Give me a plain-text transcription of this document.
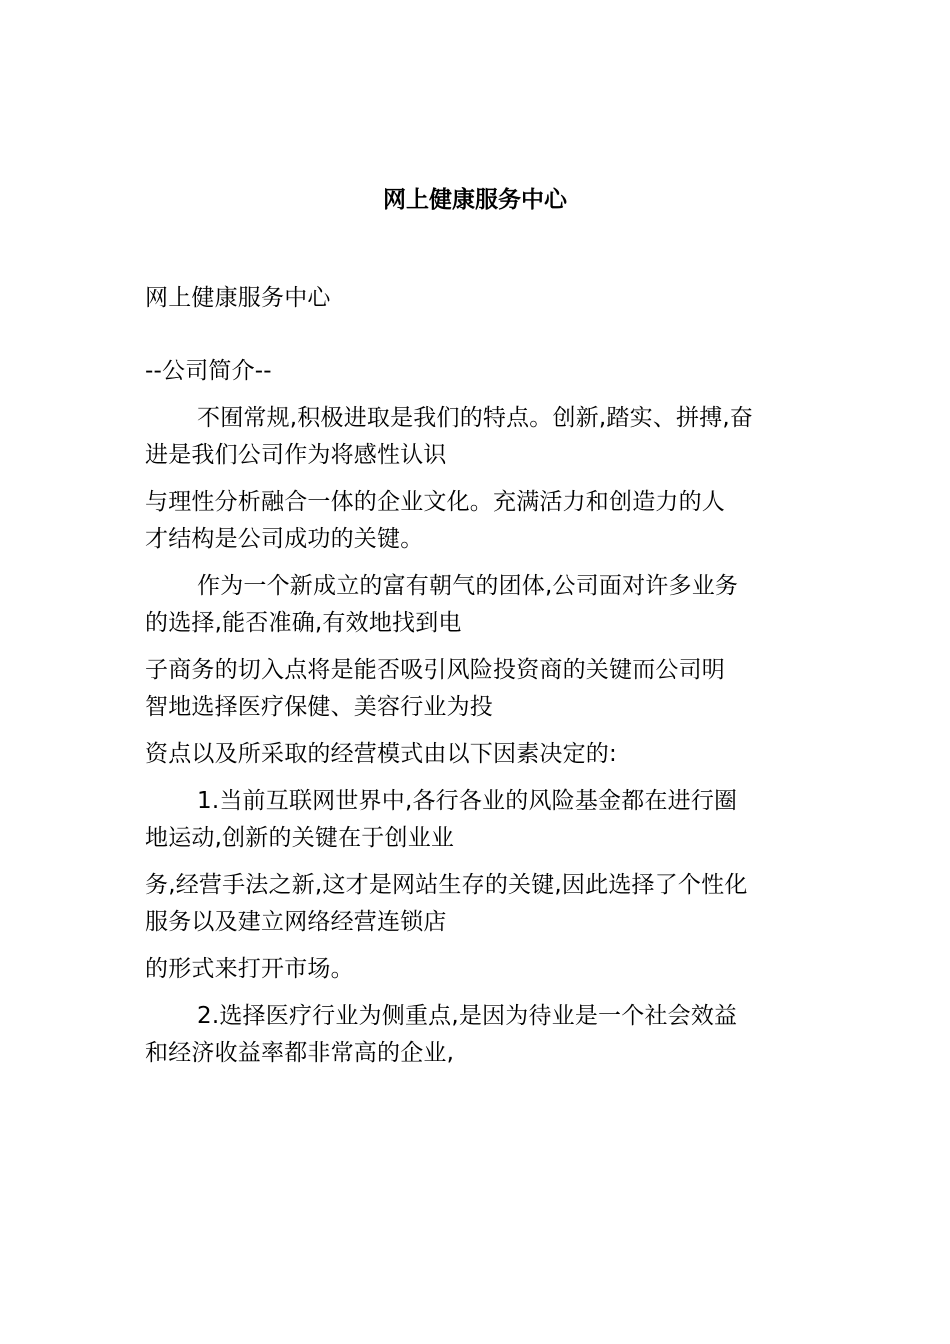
网上健康服务中心

网上健康服务中心

--公司简介--

不囿常规,积极进取是我们的特点。创新,踏实、拼搏,奋
进是我们公司作为将感性认识

与理性分析融合一体的企业文化。充满活力和创造力的人
才结构是公司成功的关键。

作为一个新成立的富有朝气的团体,公司面对许多业务
的选择,能否准确,有效地找到电

子商务的切入点将是能否吸引风险投资商的关键而公司明
智地选择医疗保健、美容行业为投

资点以及所采取的经营模式由以下因素决定的:

1.当前互联网世界中,各行各业的风险基金都在进行圈
地运动,创新的关键在于创业业

务,经营手法之新,这才是网站生存的关键,因此选择了个性化
服务以及建立网络经营连锁店

的形式来打开市场。

2.选择医疗行业为侧重点,是因为待业是一个社会效益
和经济收益率都非常高的企业,
